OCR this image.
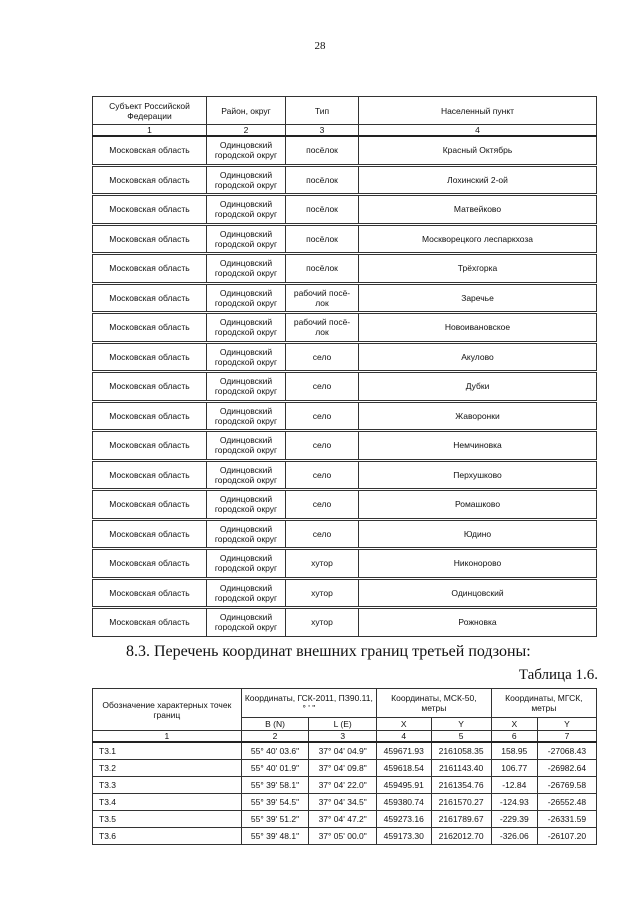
28
Субъект Российской Федерации	Район, округ	Тип	Населенный пункт
1	2	3	4
Московская область	Одинцовский городской округ	посёлок	Красный Октябрь

Московская область	Одинцовский городской округ	посёлок	Лохинский 2-ой

Московская область	Одинцовский городской округ	посёлок	Матвейково

Московская область	Одинцовский городской округ	посёлок	Москворецкого леспаркхоза

Московская область	Одинцовский городской округ	посёлок	Трёхгорка

Московская область	Одинцовский городской округ	рабочий посё-лок	Заречье

Московская область	Одинцовский городской округ	рабочий посё-лок	Новоивановское

Московская область	Одинцовский городской округ	село	Акулово

Московская область	Одинцовский городской округ	село	Дубки

Московская область	Одинцовский городской округ	село	Жаворонки

Московская область	Одинцовский городской округ	село	Немчиновка

Московская область	Одинцовский городской округ	село	Перхушково

Московская область	Одинцовский городской округ	село	Ромашково

Московская область	Одинцовский городской округ	село	Юдино

Московская область	Одинцовский городской округ	хутор	Никонорово

Московская область	Одинцовский городской округ	хутор	Одинцовский

Московская область	Одинцовский городской округ	хутор	Рожновка
8.3. Перечень координат внешних границ третьей подзоны:
Таблица 1.6.
Обозначение характерных точек границ	Координаты, ГСК-2011, ПЗ90.11, ° ' "		Координаты, МСК-50, метры		Координаты, МГСК, метры	
	B (N)	L (E)	X	Y	X	Y
1	2	3	4	5	6	7
Т3.1	55° 40' 03.6"	37° 04' 04.9"	459671.93	2161058.35	158.95	-27068.43
Т3.2	55° 40' 01.9"	37° 04' 09.8"	459618.54	2161143.40	106.77	-26982.64
Т3.3	55° 39' 58.1"	37° 04' 22.0"	459495.91	2161354.76	-12.84	-26769.58
Т3.4	55° 39' 54.5"	37° 04' 34.5"	459380.74	2161570.27	-124.93	-26552.48
Т3.5	55° 39' 51.2"	37° 04' 47.2"	459273.16	2161789.67	-229.39	-26331.59
Т3.6	55° 39' 48.1"	37° 05' 00.0"	459173.30	2162012.70	-326.06	-26107.20
